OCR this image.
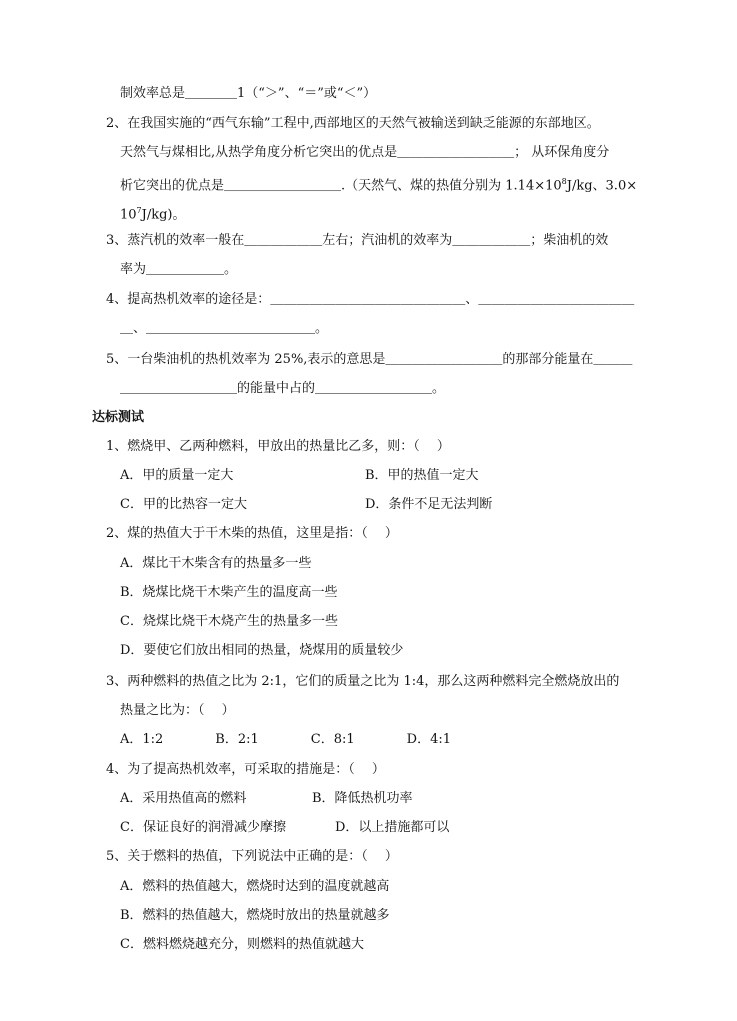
制效率总是＿＿＿＿1（“＞”、“＝”或“＜”）
2、在我国实施的“西气东输”工程中,西部地区的天然气被输送到缺乏能源的东部地区。
天然气与煤相比,从热学角度分析它突出的优点是＿＿＿＿＿＿＿＿＿； 从环保角度分
析它突出的优点是＿＿＿＿＿＿＿＿＿.（天然气、煤的热值分别为 $1.14\times 10^8J/kg$、3.0×
$10^7J/kg$)。
3、蒸汽机的效率一般在＿＿＿＿＿＿左右；汽油机的效率为＿＿＿＿＿＿；柴油机的效
率为＿＿＿＿＿＿。
4、提高热机效率的途径是：＿＿＿＿＿＿＿＿＿＿＿＿＿＿＿、＿＿＿＿＿＿＿＿＿＿＿＿
＿、＿＿＿＿＿＿＿＿＿＿＿＿＿。
5、一台柴油机的热机效率为 25%,表示的意思是＿＿＿＿＿＿＿＿＿的那部分能量在＿＿＿
＿＿＿＿＿＿＿＿＿的能量中占的＿＿＿＿＿＿＿＿＿。
达标测试
1、燃烧甲、乙两种燃料，甲放出的热量比乙多，则：（　 ）
A．甲的质量一定大	B．甲的热值一定大
C．甲的比热容一定大	D．条件不足无法判断
2、煤的热值大于干木柴的热值，这里是指：（　 ）
A．煤比干木柴含有的热量多一些
B．烧煤比烧干木柴产生的温度高一些
C．烧煤比烧干木烧产生的热量多一些
D．要使它们放出相同的热量，烧煤用的质量较少
3、两种燃料的热值之比为 2:1，它们的质量之比为 1:4，那么这两种燃料完全燃烧放出的
热量之比为：（　 ）
A．1:2　　　　B．2:1　　　　C．8:1　　　　D．4:1
4、为了提高热机效率，可采取的措施是：（　 ）
A．采用热值高的燃料	B．降低热机功率
C．保证良好的润滑减少摩擦	D．以上措施都可以
5、关于燃料的热值，下列说法中正确的是：（　 ）
A．燃料的热值越大，燃烧时达到的温度就越高
B．燃料的热值越大，燃烧时放出的热量就越多
C．燃料燃烧越充分，则燃料的热值就越大
